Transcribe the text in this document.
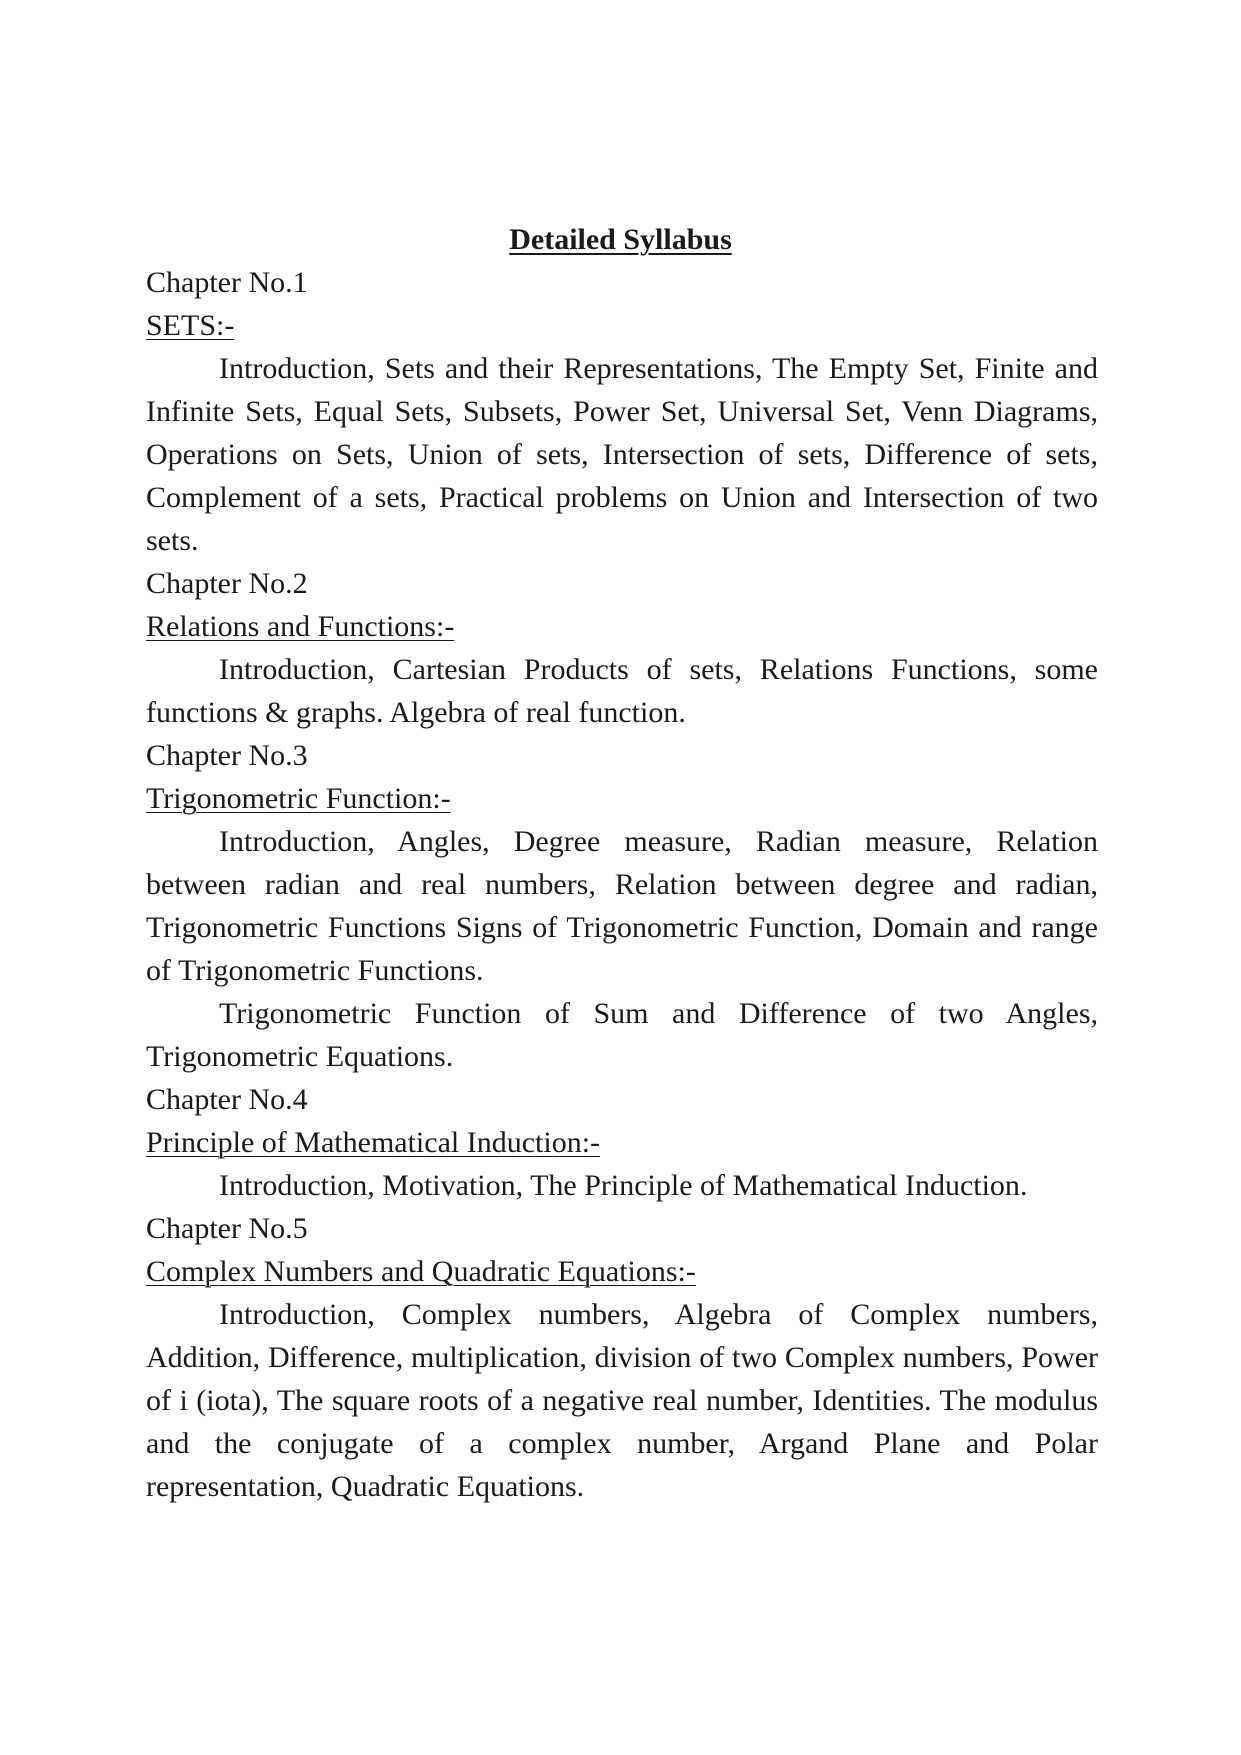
Detailed Syllabus

Chapter No.1

SETS:-

Introduction, Sets and their Representations, The Empty Set, Finite and Infinite Sets, Equal Sets, Subsets, Power Set, Universal Set, Venn Diagrams, Operations on Sets, Union of sets, Intersection of sets, Difference of sets, Complement of a sets, Practical problems on Union and Intersection of two sets.

Chapter No.2

Relations and Functions:-

Introduction, Cartesian Products of sets, Relations Functions, some functions & graphs. Algebra of real function.

Chapter No.3

Trigonometric Function:-

Introduction, Angles, Degree measure, Radian measure, Relation between radian and real numbers, Relation between degree and radian, Trigonometric Functions Signs of Trigonometric Function, Domain and range of Trigonometric Functions.

Trigonometric Function of Sum and Difference of two Angles, Trigonometric Equations.

Chapter No.4

Principle of Mathematical Induction:-

Introduction, Motivation, The Principle of Mathematical Induction.

Chapter No.5

Complex Numbers and Quadratic Equations:-

Introduction, Complex numbers, Algebra of Complex numbers, Addition, Difference, multiplication, division of two Complex numbers, Power of i (iota), The square roots of a negative real number, Identities. The modulus and the conjugate of a complex number, Argand Plane and Polar representation, Quadratic Equations.
